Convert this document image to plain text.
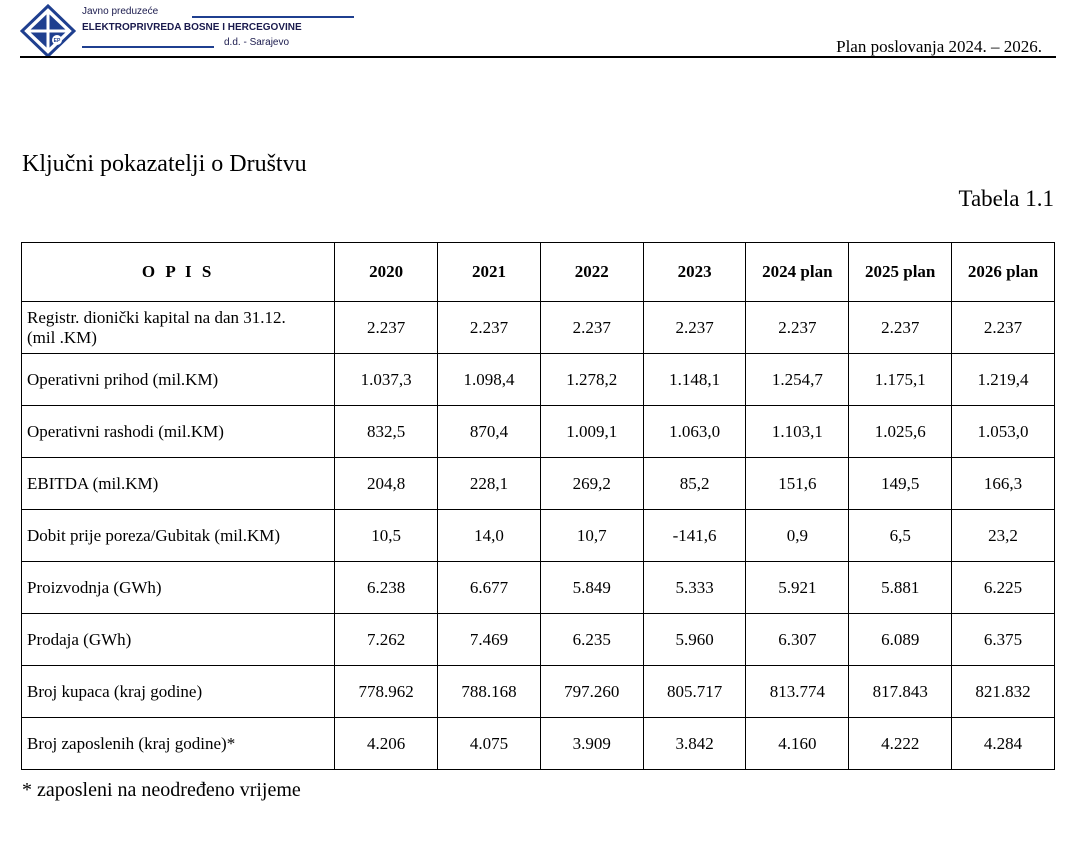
EP
Javno preduzeće
ELEKTROPRIVREDA BOSNE I HERCEGOVINE
d.d. - Sarajevo	Plan poslovanja 2024. – 2026.
Ključni pokazatelji o Društvu
Tabela 1.1
O P I S	2020	2021	2022	2023	2024 plan	2025 plan	2026 plan
Registr. dionički kapital na dan 31.12.
(mil .KM)	2.237	2.237	2.237	2.237	2.237	2.237	2.237
Operativni prihod (mil.KM)	1.037,3	1.098,4	1.278,2	1.148,1	1.254,7	1.175,1	1.219,4
Operativni rashodi (mil.KM)	832,5	870,4	1.009,1	1.063,0	1.103,1	1.025,6	1.053,0
EBITDA (mil.KM)	204,8	228,1	269,2	85,2	151,6	149,5	166,3
Dobit prije poreza/Gubitak (mil.KM)	10,5	14,0	10,7	-141,6	0,9	6,5	23,2
Proizvodnja (GWh)	6.238	6.677	5.849	5.333	5.921	5.881	6.225
Prodaja (GWh)	7.262	7.469	6.235	5.960	6.307	6.089	6.375
Broj kupaca (kraj godine)	778.962	788.168	797.260	805.717	813.774	817.843	821.832
Broj zaposlenih (kraj godine)*	4.206	4.075	3.909	3.842	4.160	4.222	4.284
* zaposleni na neodređeno vrijeme
